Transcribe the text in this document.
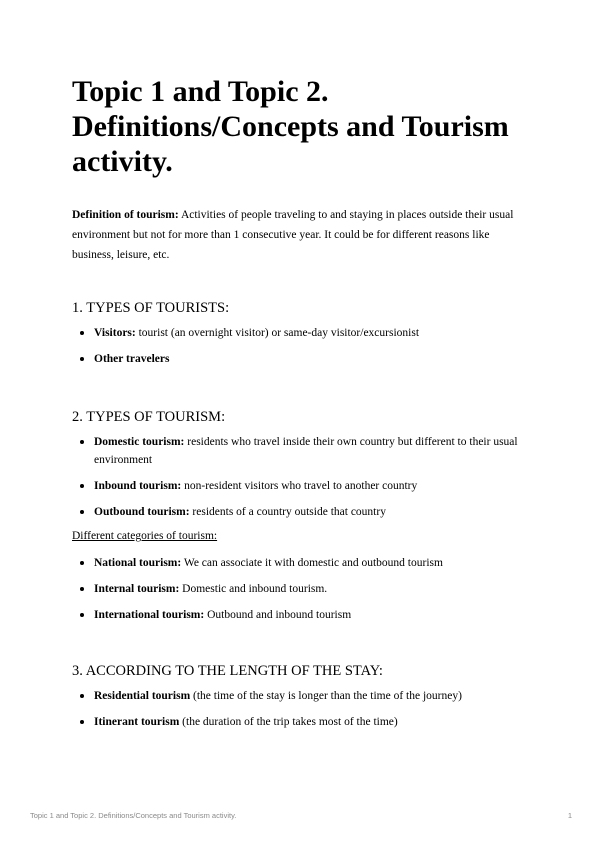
Topic 1 and Topic 2. Definitions/Concepts and Tourism activity.

Definition of tourism: Activities of people traveling to and staying in places outside their usual environment but not for more than 1 consecutive year. It could be for different reasons like business, leisure, etc.

1. TYPES OF TOURISTS:
Visitors: tourist (an overnight visitor) or same-day visitor/excursionist
Other travelers
2. TYPES OF TOURISM:
Domestic tourism: residents who travel inside their own country but different to their usual environment
Inbound tourism: non-resident visitors who travel to another country
Outbound tourism: residents of a country outside that country

Different categories of tourism:

National tourism: We can associate it with domestic and outbound tourism
Internal tourism: Domestic and inbound tourism.
International tourism: Outbound and inbound tourism
3. ACCORDING TO THE LENGTH OF THE STAY:
Residential tourism (the time of the stay is longer than the time of the journey)
Itinerant tourism (the duration of the trip takes most of the time)
Topic 1 and Topic 2. Definitions/Concepts and Tourism activity.	1
